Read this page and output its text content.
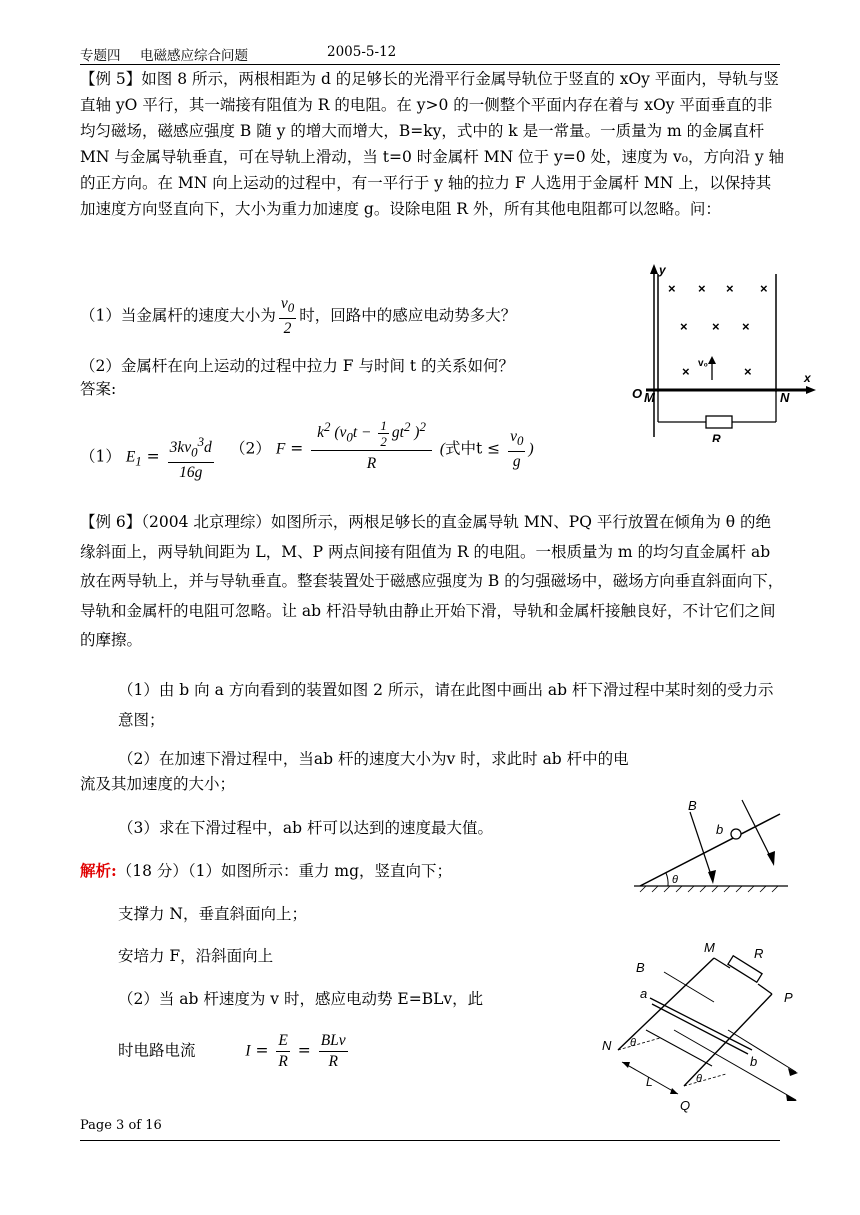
专题四 电磁感应综合问题	2005-5-12
【例 5】如图 8 所示，两根相距为 d 的足够长的光滑平行金属导轨位于竖直的 xOy 平面内，导轨与竖直轴 yO 平行，其一端接有阻值为 R 的电阻。在 y>0 的一侧整个平面内存在着与 xOy 平面垂直的非均匀磁场，磁感应强度 B 随 y 的增大而增大，B=ky，式中的 k 是一常量。一质量为 m 的金属直杆 MN 与金属导轨垂直，可在导轨上滑动，当 t=0 时金属杆 MN 位于 y=0 处，速度为 v₀，方向沿 y 轴的正方向。在 MN 向上运动的过程中，有一平行于 y 轴的拉力 F 人选用于金属杆 MN 上，以保持其加速度方向竖直向下，大小为重力加速度 g。设除电阻 R 外，所有其他电阻都可以忽略。问：
（1）当金属杆的速度大小为 $\frac{v_0}{2}$ 时，回路中的感应电动势多大？
（2）金属杆在向上运动的过程中拉力 F 与时间 t 的关系如何？
答案:
（1） $E_1 = \frac{3kv_0^3d}{16g} (2) F = \frac{k^2 (v_0t - \frac{1}{2} gt^2 )^2}{R}$ (式中$t \le \frac{v_0}{g}$ )
y
× × × ×
× × ×
×	×
v₀
x
O M	N
R
【例 6】（2004 北京理综）如图所示，两根足够长的直金属导轨 MN、PQ 平行放置在倾角为 θ 的绝缘斜面上，两导轨间距为 L，M、P 两点间接有阻值为 R 的电阻。一根质量为 m 的均匀直金属杆 ab 放在两导轨上，并与导轨垂直。整套装置处于磁感应强度为 B 的匀强磁场中，磁场方向垂直斜面向下，导轨和金属杆的电阻可忽略。让 ab 杆沿导轨由静止开始下滑，导轨和金属杆接触良好，不计它们之间的摩擦。
（1）由 b 向 a 方向看到的装置如图 2 所示，请在此图中画出 ab 杆下滑过程中某时刻的受力示意图；
（2）在加速下滑过程中，当ab 杆的速度大小为v 时，求此时 ab 杆中的电
流及其加速度的大小；
（3）求在下滑过程中，ab 杆可以达到的速度最大值。
解析:（18 分）（1）如图所示：重力 mg，竖直向下；
支撑力 N，垂直斜面向上；
安培力 F，沿斜面向上
（2）当 ab 杆速度为 v 时，感应电动势 E=BLv，此
时电路电流	$I = \frac{E}{R} = \frac{\text{BLv}}{R}$
θ
b
B
M	R
P
a
b
B
N
Q
L
θ
θ
Page 3 of 16
